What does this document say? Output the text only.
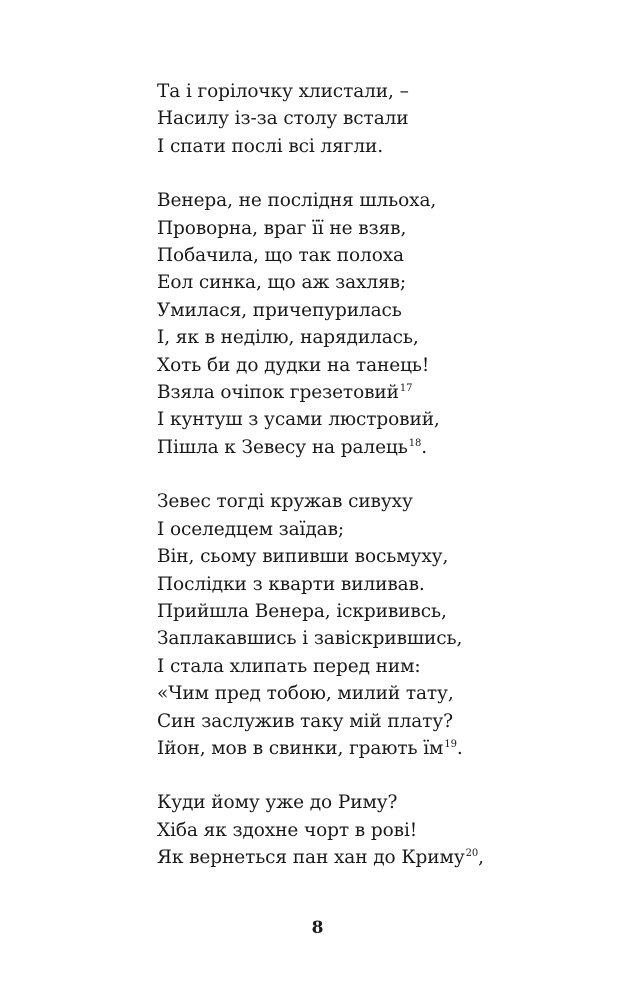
Та і горілочку хлистали, –
Насилу із-за столу встали
І спати послі всі лягли.
Венера, не послідня шльоха,
Проворна, враг її не взяв,
Побачила, що так полоха
Еол синка, що аж захляв;
Умилася, причепурилась
І, як в неділю, нарядилась,
Хоть би до дудки на танець!
Взяла очіпок грезетовий$^{17}$
І кунтуш з усами люстровий,
Пішла к Зевесу на ралець$^{18}$.
Зевес тогді кружав сивуху
І оселедцем заїдав;
Він, сьому випивши восьмуху,
Послідки з кварти виливав.
Прийшла Венера, іскрививсь,
Заплакавшись і завіскрившись,
І стала хлипать перед ним:
«Чим пред тобою, милий тату,
Син заслужив таку мій плату?
Ійон, мов в свинки, грають $їм^{19}$.
Куди йому уже до Риму?
Хіба як здохне чорт в рові!
Як вернеться пан хан до Криму$^{20}$,
8
